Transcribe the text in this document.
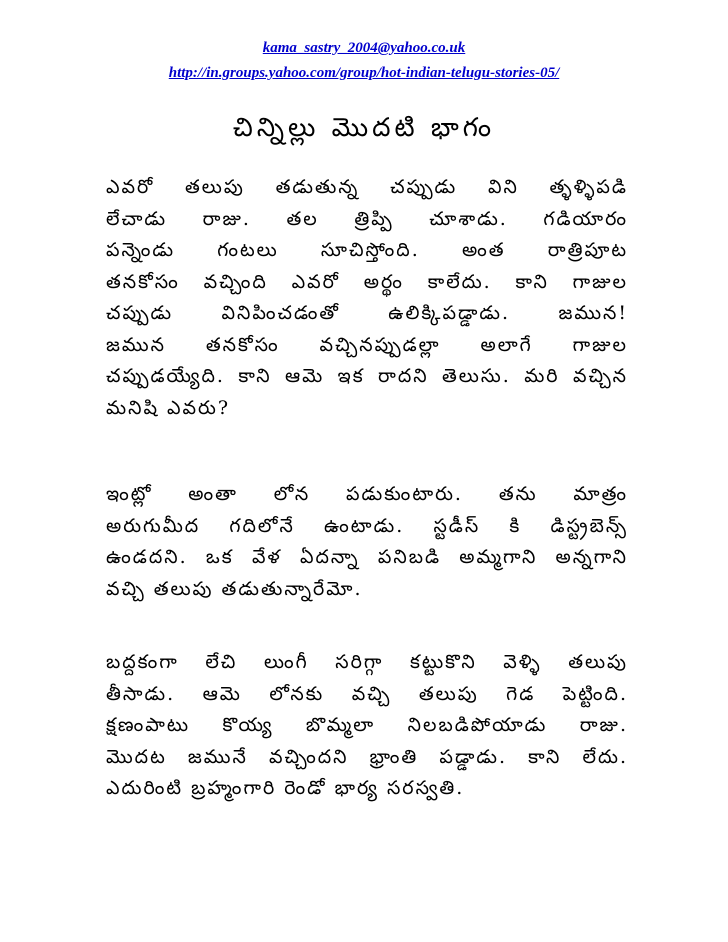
kama_sastry_2004@yahoo.co.uk
http://in.groups.yahoo.com/group/hot-indian-telugu-stories-05/
చిన్నిల్లు మొదటి భాగం
ఎవరో తలుపు తడుతున్న చప్పుడు విని త్ళళ్ళిపడి
లేచాడు రాజు. తల త్రిప్పి చూశాడు. గడియారం
పన్నెండు గంటలు సూచిస్తోంది. అంత రాత్రిపూట
తనకోసం వచ్చింది ఎవరో అర్థం కాలేదు. కాని గాజుల
చప్పుడు వినిపించడంతో ఉలిక్కిపడ్డాడు. జమున!
జమున తనకోసం వచ్చినప్పుడల్లా అలాగే గాజుల
చప్పుడయ్యేది. కాని ఆమె ఇక రాదని తెలుసు. మరి వచ్చిన
మనిషి ఎవరు?
ఇంట్లో అంతా లోన పడుకుంటారు. తను మాత్రం
అరుగుమీద గదిలోనే ఉంటాడు. స్టడీస్ కి డిస్ట్రబెన్స్
ఉండదని. ఒక వేళ ఏదన్నా పనిబడి అమ్మగాని అన్నగాని
వచ్చి తలుపు తడుతున్నారేమో.
బద్దకంగా లేచి లుంగీ సరిగ్గా కట్టుకొని వెళ్ళి తలుపు
తీసాడు. ఆమె లోనకు వచ్చి తలుపు గెడ పెట్టింది.
క్షణంపాటు కొయ్య బొమ్మలా నిలబడిపోయాడు రాజు.
మొదట జమునే వచ్చిందని భ్రాంతి పడ్డాడు. కాని లేదు.
ఎదురింటి బ్రహ్మంగారి రెండో భార్య సరస్వతి.
